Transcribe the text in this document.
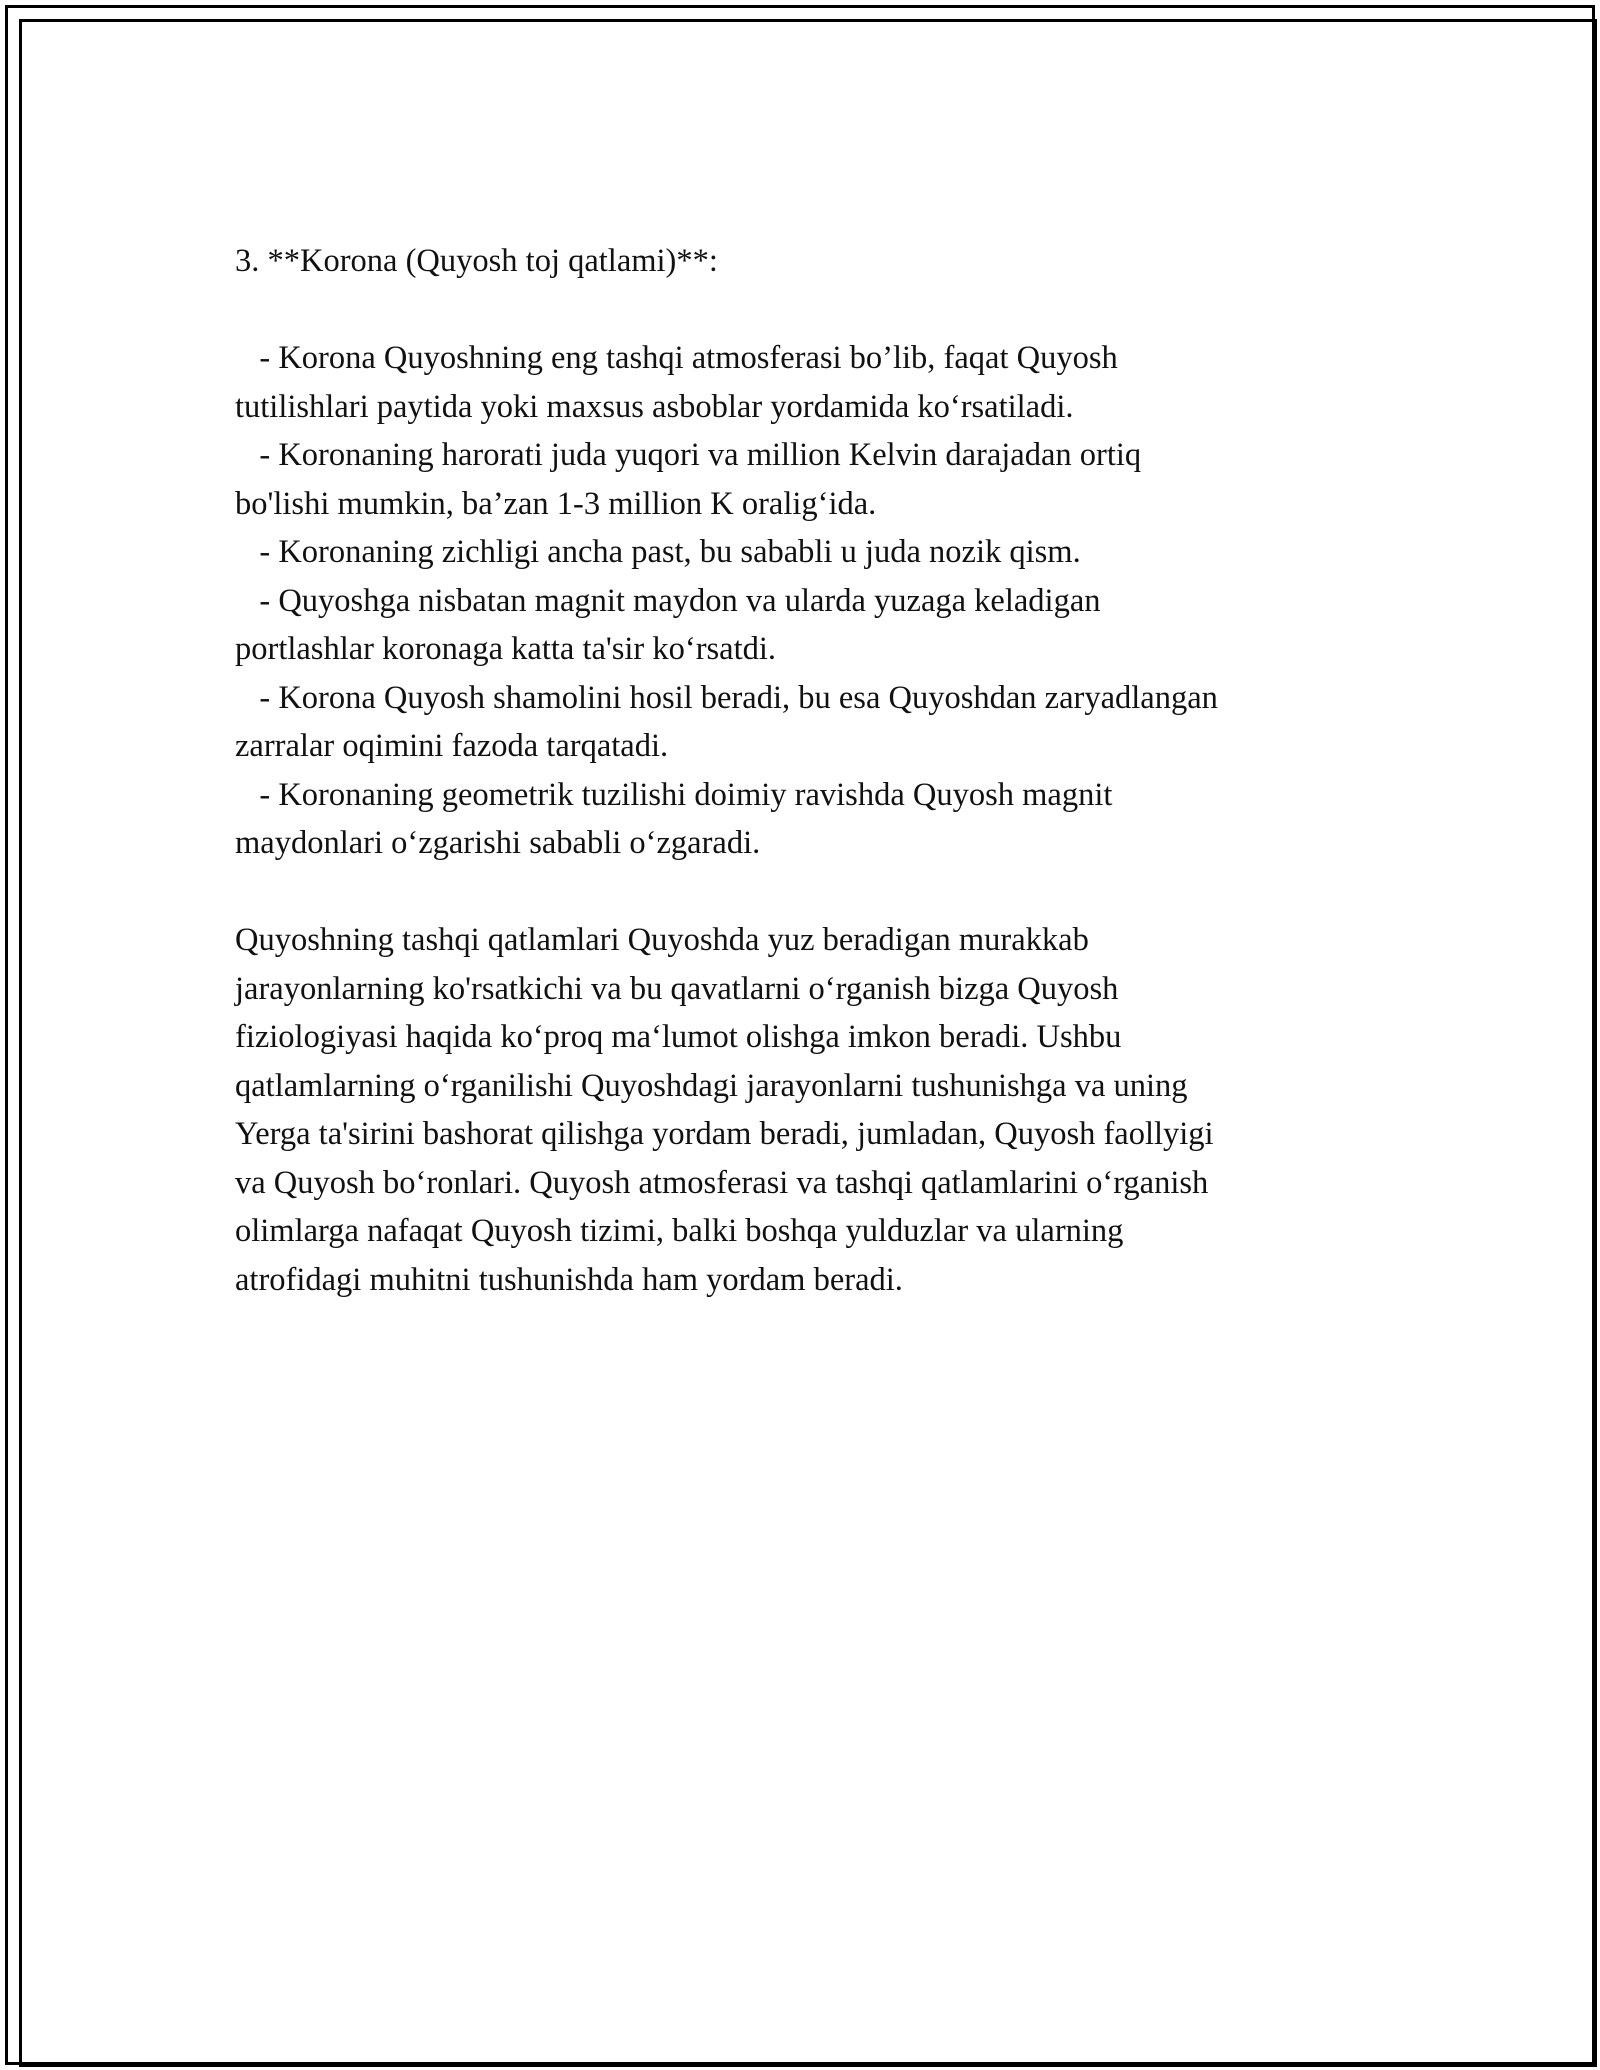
3. **Korona (Quyosh toj qatlami)**:
- Korona Quyoshning eng tashqi atmosferasi bo’lib, faqat Quyosh
tutilishlari paytida yoki maxsus asboblar yordamida ko‘rsatiladi.
- Koronaning harorati juda yuqori va million Kelvin darajadan ortiq
bo'lishi mumkin, ba’zan 1-3 million K oralig‘ida.
- Koronaning zichligi ancha past, bu sababli u juda nozik qism.
- Quyoshga nisbatan magnit maydon va ularda yuzaga keladigan
portlashlar koronaga katta ta'sir ko‘rsatdi.
- Korona Quyosh shamolini hosil beradi, bu esa Quyoshdan zaryadlangan
zarralar oqimini fazoda tarqatadi.
- Koronaning geometrik tuzilishi doimiy ravishda Quyosh magnit
maydonlari o‘zgarishi sababli o‘zgaradi.
Quyoshning tashqi qatlamlari Quyoshda yuz beradigan murakkab
jarayonlarning ko'rsatkichi va bu qavatlarni o‘rganish bizga Quyosh
fiziologiyasi haqida ko‘proq ma‘lumot olishga imkon beradi. Ushbu
qatlamlarning o‘rganilishi Quyoshdagi jarayonlarni tushunishga va uning
Yerga ta'sirini bashorat qilishga yordam beradi, jumladan, Quyosh faollyigi
va Quyosh bo‘ronlari. Quyosh atmosferasi va tashqi qatlamlarini o‘rganish
olimlarga nafaqat Quyosh tizimi, balki boshqa yulduzlar va ularning
atrofidagi muhitni tushunishda ham yordam beradi.
